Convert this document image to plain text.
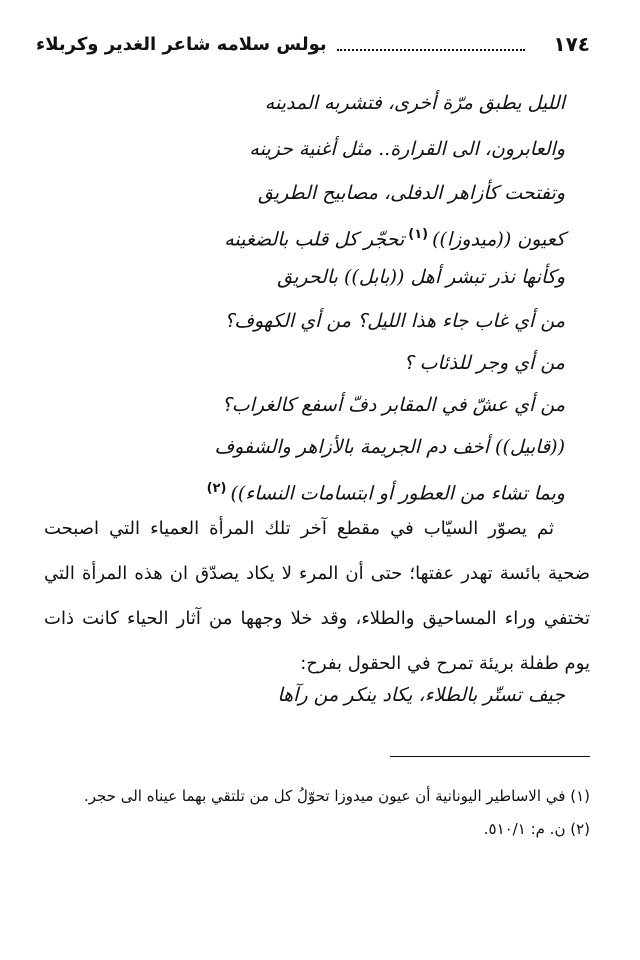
١٧٤
بولس سلامه شاعر الغدير وكربلاء
الليل يطبق مرّة أخرى، فتشربه المدينه
والعابرون، الى القرارة.. مثل أغنية حزينه
وتفتحت كأزاهر الدفلى، مصابيح الطريق
كعيون ((ميدوزا))$^{(١)}$تحجّر كل قلب بالضغينه
وكأنها نذر تبشر أهل ((بابل)) بالحريق
من أي غاب جاء هذا الليل؟ من أي الكهوف؟
من أي وجر للذئاب ؟
من أي عشّ في المقابر دفّ أسفع كالغراب؟
((قابيل)) أخف دم الجريمة بالأزاهر والشفوف
وبما تشاء من العطور أو ابتسامات النساء))$^{(٢)}$

ثم يصوّر السيّاب في مقطع آخر تلك المرأة العمياء التي اصبحت ضحية بائسة تهدر عفتها؛ حتى أن المرء لا يكاد يصدّق ان هذه المرأة التي تختفي وراء المساحيق والطلاء، وقد خلا وجهها من آثار الحياء كانت ذات يوم طفلة بريئة تمرح في الحقول بفرح:

جيف تستّر بالطلاء، يكاد ينكر من رآها

(١) في الاساطير اليونانية أن عيون ميدوزا تحوّلُ كل من تلتقي بهما عيناه الى حجر.

(٢) ن. م: ٥١٠/١.
